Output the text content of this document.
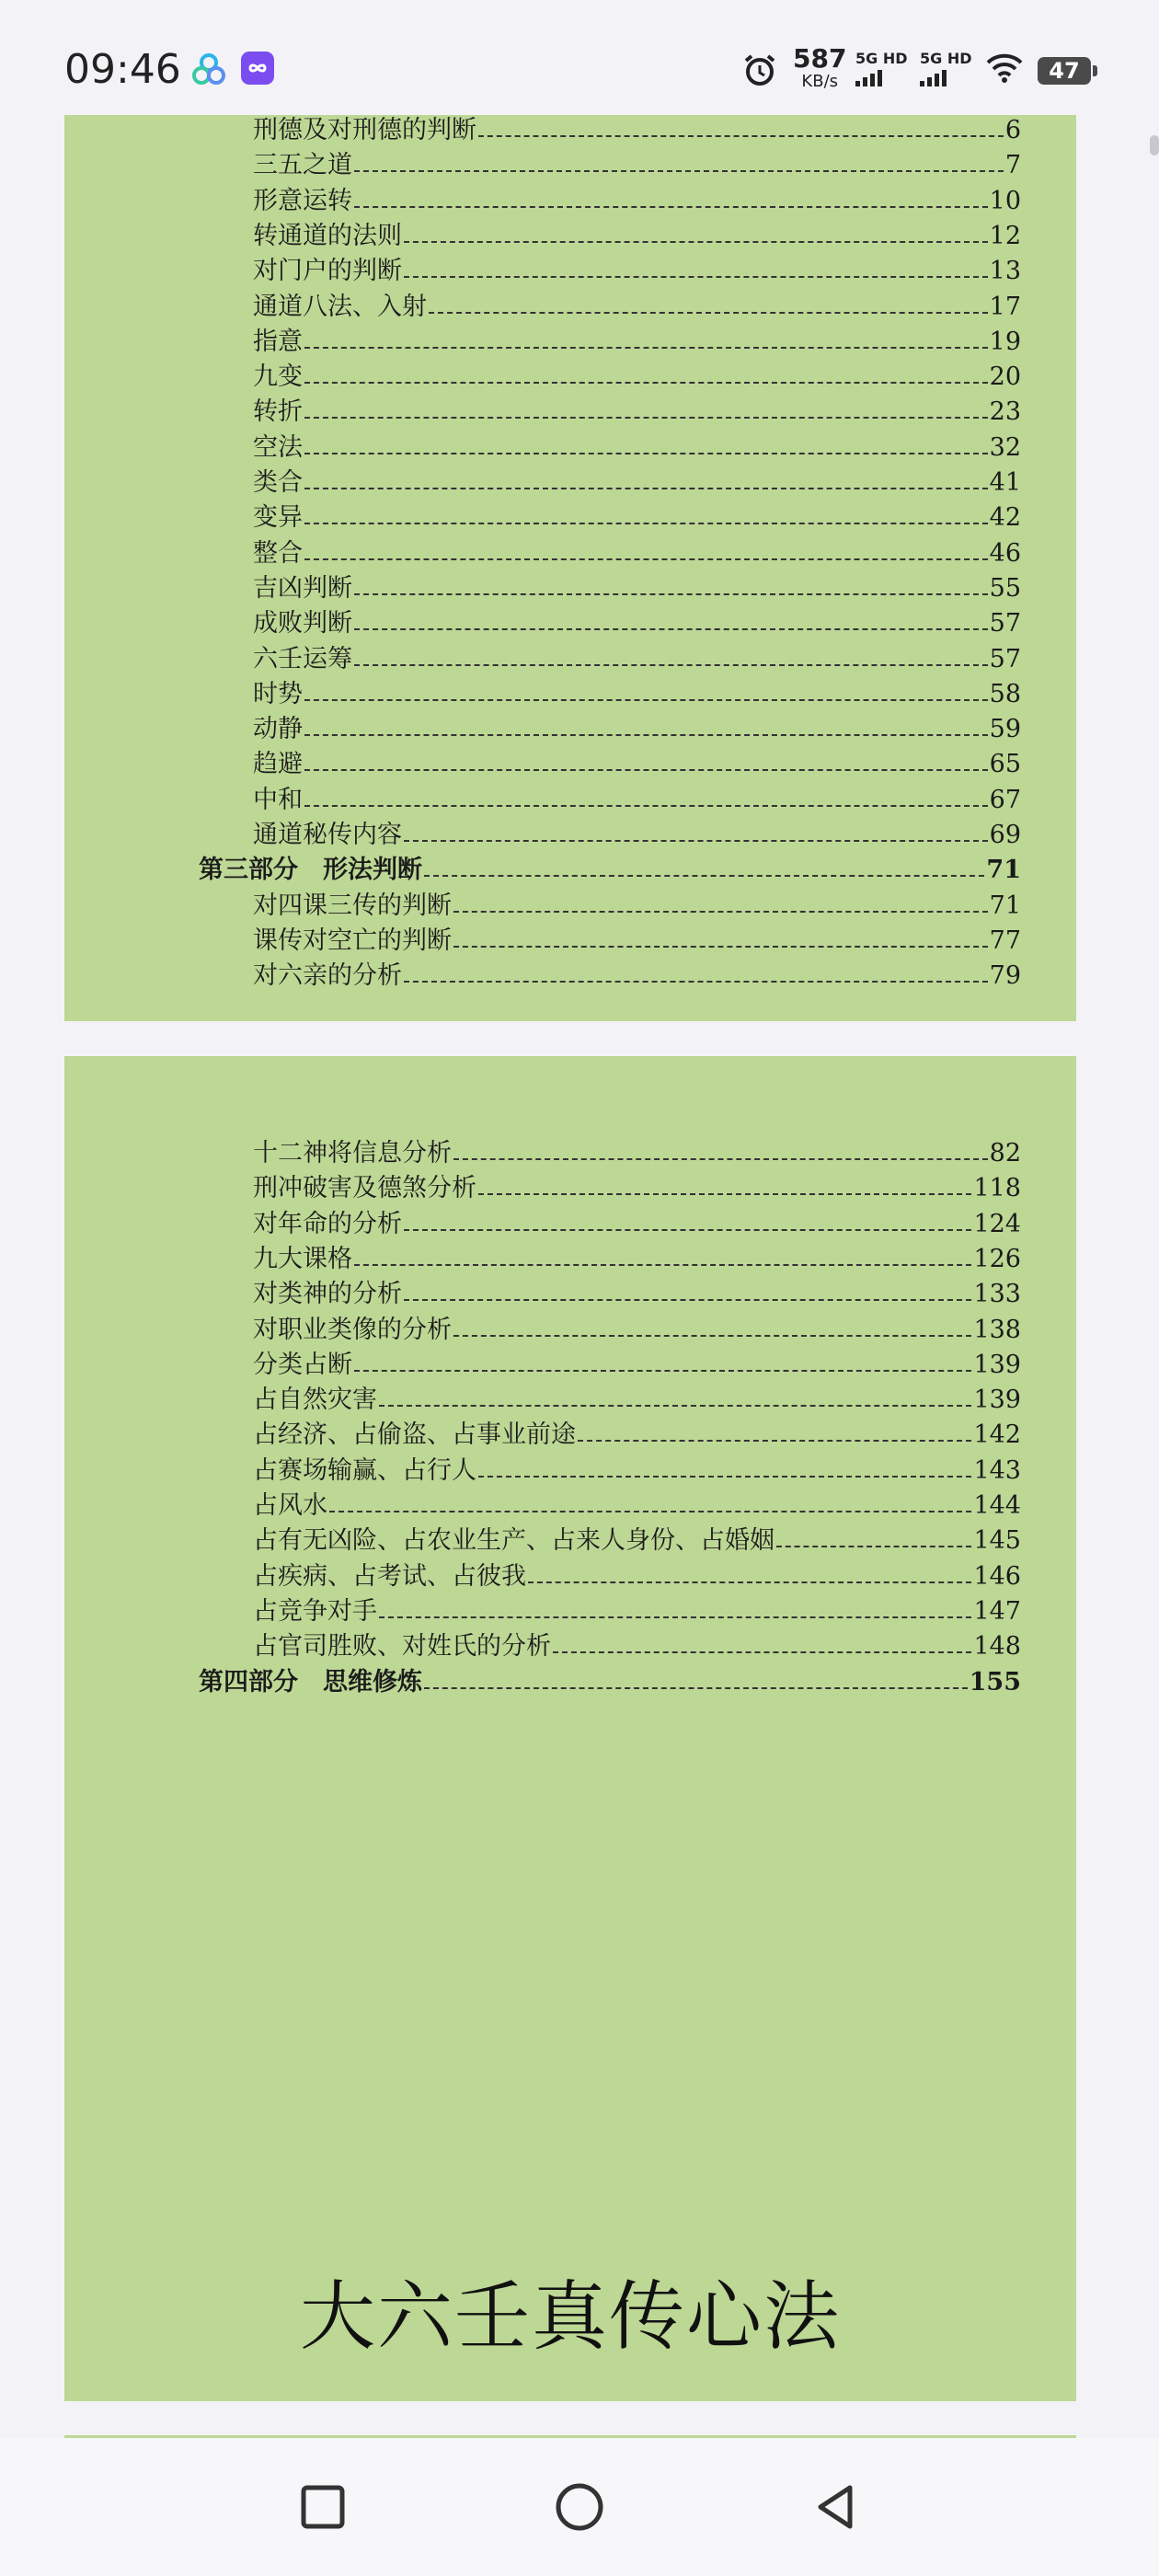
09:46	587
KB/s
5G HD 5G HD	47
刑德及对刑德的判断	6
三五之道	7
形意运转	10
转通道的法则	12
对门户的判断	13
通道八法、入射	17
指意	19
九变	20
转折	23
空法	32
类合	41
变异	42
整合	46
吉凶判断	55
成败判断	57
六壬运筹	57
时势	58
动静	59
趋避	65
中和	67
通道秘传内容	69
第三部分　形法判断	71
对四课三传的判断	71
课传对空亡的判断	77
对六亲的分析	79
大六壬真传心法
十二神将信息分析	82
刑冲破害及德煞分析	118
对年命的分析	124
九大课格	126
对类神的分析	133
对职业类像的分析	138
分类占断	139
占自然灾害	139
占经济、占偷盗、占事业前途	142
占赛场输赢、占行人	143
占风水	144
占有无凶险、占农业生产、占来人身份、占婚姻	145
占疾病、占考试、占彼我	146
占竞争对手	147
占官司胜败、对姓氏的分析	148
第四部分　思维修炼	155
